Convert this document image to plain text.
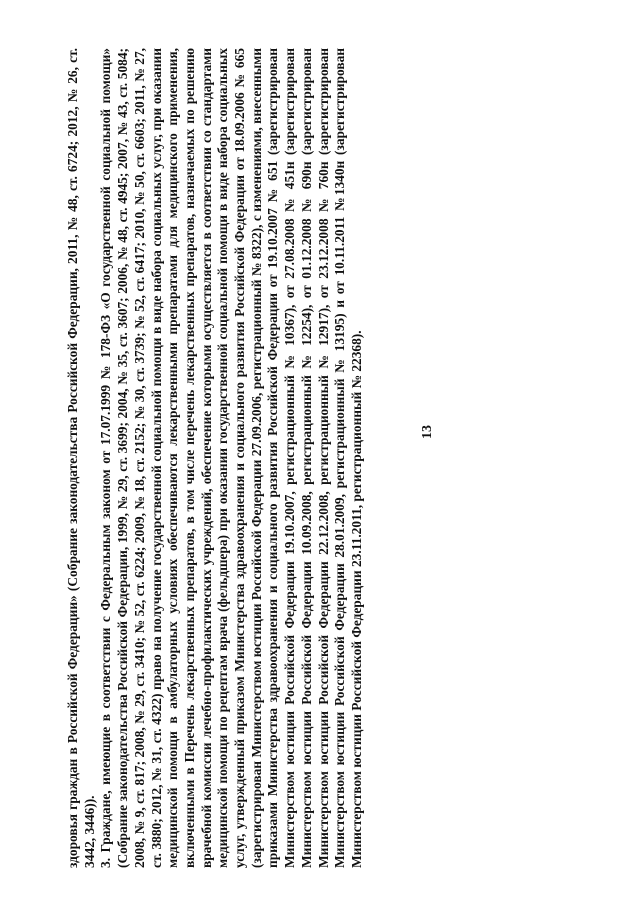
13

здоровья граждан в Российской Федерации» (Собрание законодательства Российской Федерации, 2011, № 48, ст. 6724; 2012, № 26, ст. 3442, 3446)). 3. Граждане, имеющие в соответствии с Федеральным законом от 17.07.1999 № 178-ФЗ «О государственной социальной помощи» (Собрание законодательства Российской Федерации, 1999, № 29, ст. 3699; 2004, № 35, ст. 3607; 2006, № 48, ст. 4945; 2007, № 43, ст. 5084; 2008, № 9, ст. 817; 2008, № 29, ст. 3410; № 52, ст. 6224; 2009, № 18, ст. 2152; № 30, ст. 3739; № 52, ст. 6417; 2010, № 50, ст. 6603; 2011, № 27, ст. 3880; 2012, № 31, ст. 4322) право на получение государственной социальной помощи в виде набора социальных услуг, при оказании медицинской помощи в амбулаторных условиях обеспечиваются лекарственными препаратами для медицинского применения, включенными в Перечень лекарственных препаратов, в том числе перечень лекарственных препаратов, назначаемых по решению врачебной комиссии лечебно-профилактических учреждений, обеспечение которыми осуществляется в соответствии со стандартами медицинской помощи по рецептам врача (фельдшера) при оказании государственной социальной помощи в виде набора социальных услуг, утвержденный приказом Министерства здравоохранения и социального развития Российской Федерации от 18.09.2006 № 665 (зарегистрирован Министерством юстиции Российской Федерации 27.09.2006, регистрационный № 8322), с изменениями, внесенными приказами Министерства здравоохранения и социального развития Российской Федерации от 19.10.2007 № 651 (зарегистрирован Министерством юстиции Российской Федерации 19.10.2007, регистрационный № 10367), от 27.08.2008 № 451н (зарегистрирован Министерством юстиции Российской Федерации 10.09.2008, регистрационный № 12254), от 01.12.2008 № 690н (зарегистрирован Министерством юстиции Российской Федерации 22.12.2008, регистрационный № 12917), от 23.12.2008 № 760н (зарегистрирован Министерством юстиции Российской Федерации 28.01.2009, регистрационный № 13195) и от 10.11.2011 №1340н (зарегистрирован Министерством юстиции Российской Федерации 23.11.2011, регистрационный № 22368).
